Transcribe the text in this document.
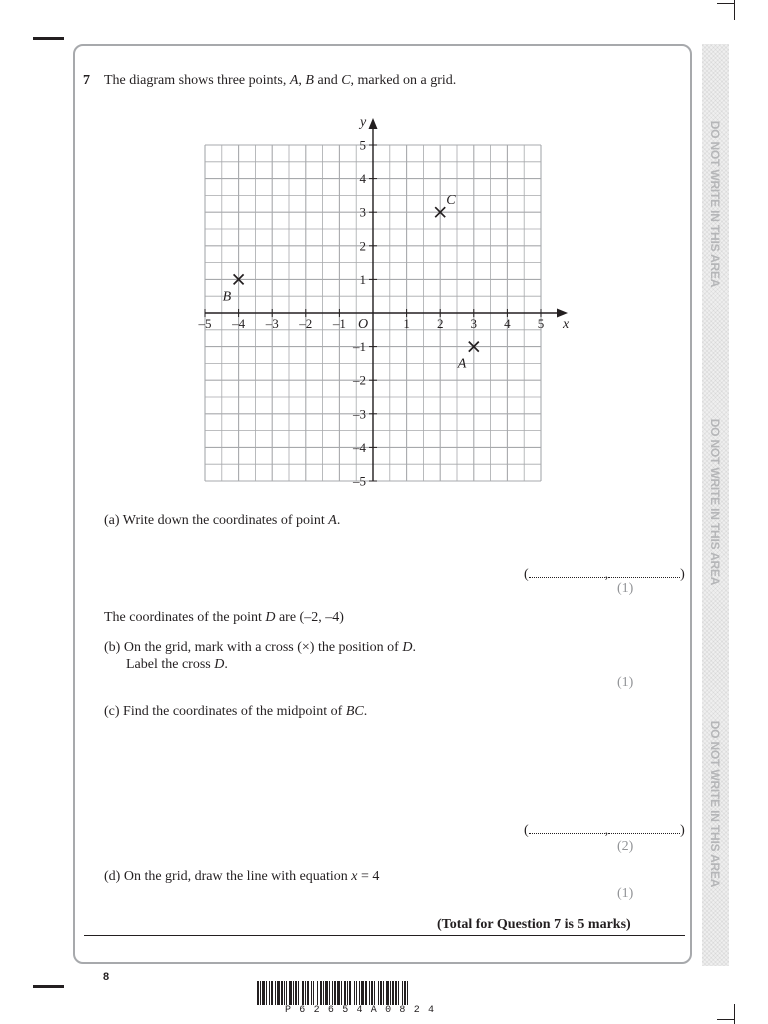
DO NOT WRITE IN THIS AREA
DO NOT WRITE IN THIS AREA
DO NOT WRITE IN THIS AREA
7 The diagram shows three points, A, B and C, marked on a grid.
x
y
O
–5 –4 –3 –2 –1	1 2 3 4 5
–5
–4
–3
–2
–1
1
2
3
4
5
A
B
C
(a) Write down the coordinates of point A.
(	,	)
(1)
The coordinates of the point D are (–2, –4)
(b) On the grid, mark with a cross (×) the position of D.
Label the cross D.
(1)
(c) Find the coordinates of the midpoint of BC.
(	,	)
(2)
(d) On the grid, draw the line with equation x = 4
(1)
(Total for Question 7 is 5 marks)
8
P62654A0824
